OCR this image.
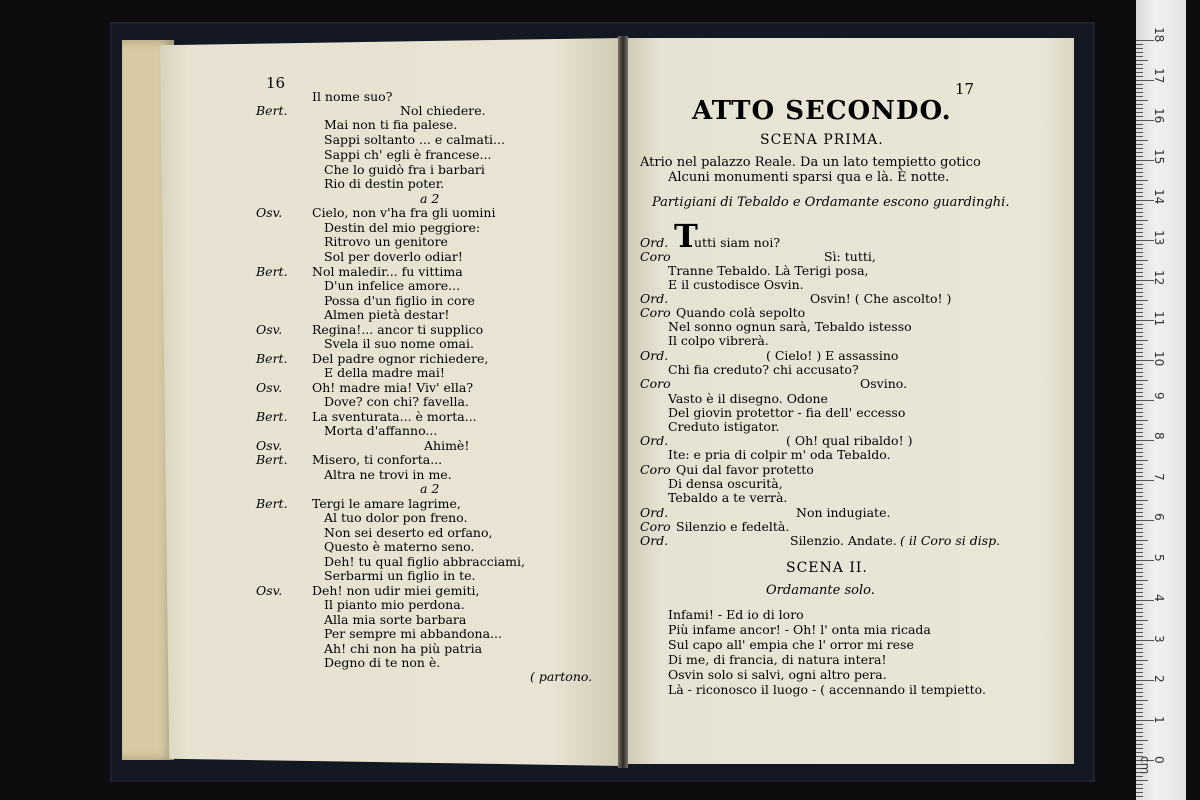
16	17
Il nome suo?
Bert.	Nol chiedere.
Mai non ti fia palese.
Sappi soltanto ... e calmati...
Sappi ch' egli è francese...
Che lo guidò fra i barbari
Rio di destin poter.
a 2
Osv. Cielo, non v'ha fra gli uomini
Destin del mio peggiore:
Ritrovo un genitore
Sol per doverlo odiar!
Bert. Nol maledir... fu vittima
D'un infelice amore...
Possa d'un figlio in core
Almen pietà destar!
Osv. Regina!... ancor ti supplico
Svela il suo nome omai.
Bert. Del padre ognor richiedere,
E della madre mai!
Osv. Oh! madre mia! Viv' ella?
Dove? con chi? favella.
Bert. La sventurata... è morta...
Morta d'affanno...
Osv.	Ahimè!
Bert. Misero, ti conforta...
Altra ne trovi in me.
a 2
Bert. Tergi le amare lagrime,
Al tuo dolor pon freno.
Non sei deserto ed orfano,
Questo è materno seno.
Deh! tu qual figlio abbracciami,
Serbarmi un figlio in te.
Osv. Deh! non udir miei gemiti,
Il pianto mio perdona.
Alla mia sorte barbara
Per sempre mi abbandona...
Ah! chi non ha più patria
Degno di te non è.
( partono.
ATTO SECONDO.
SCENA PRIMA.
Atrio nel palazzo Reale. Da un lato tempietto gotico
Alcuni monumenti sparsi qua e là. È notte.
Partigiani di Tebaldo e Ordamante escono guardinghi.
T
Ord. utti siam noi?
Coro	Sì: tutti,
Tranne Tebaldo. Là Terigi posa,
E il custodisce Osvin.
Ord.	Osvin! ( Che ascolto! )
Coro Quando colà sepolto
Nel sonno ognun sarà, Tebaldo istesso
Il colpo vibrerà.
Ord.	( Cielo! ) E assassino
Chi fia creduto? chi accusato?
Coro	Osvino.
Vasto è il disegno. Odone
Del giovin protettor - fia dell' eccesso
Creduto istigator.
Ord.	( Oh! qual ribaldo! )
Ite: e pria di colpir m' oda Tebaldo.
Coro Qui dal favor protetto
Di densa oscurità,
Tebaldo a te verrà.
Ord.	Non indugiate.
Coro Silenzio e fedeltà.
Ord.	Silenzio. Andate. ( il Coro si disp.
SCENA II.
Ordamante solo.
Infami! - Ed io di loro
Più infame ancor! - Oh! l' onta mia ricada
Sul capo all' empia che l' orror mi rese
Di me, di francia, di natura intera!
Osvin solo si salvi, ogni altro pera.
Là - riconosco il luogo - ( accennando il tempietto.
0 cm
1
2
3
4
5
6
7
8
9
10
11
12
13
14
15
16
17
18
